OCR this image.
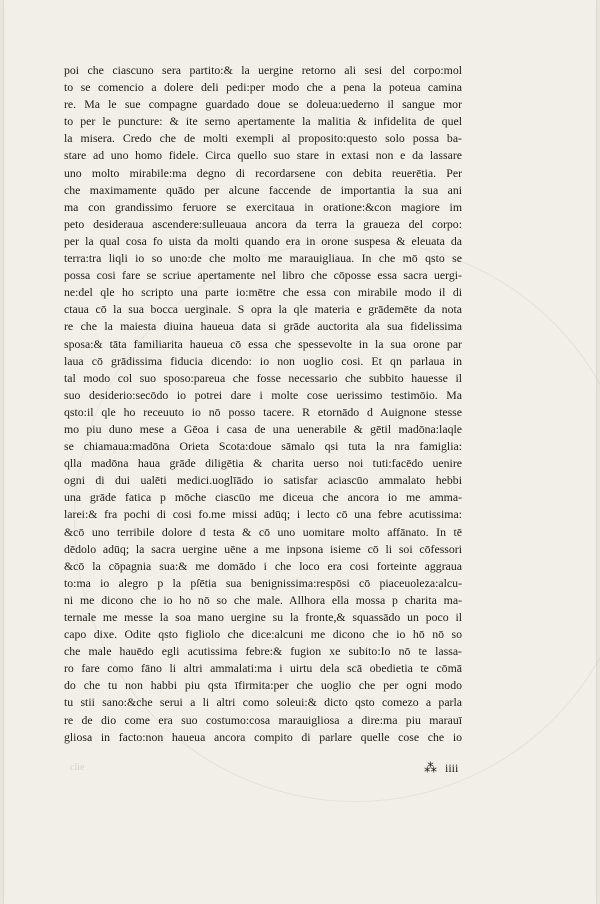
poi che ciascuno sera partito:& la uergine retorno ali sesi del corpo:mol
to se comencio a dolere deli pedi:per modo che a pena la poteua camina
re. Ma le sue compagne guardado doue se doleua:uederno il sangue mor
to per le puncture: & ite serno apertamente la malitia & infidelita de quel
la misera. Credo che de molti exempli al proposito:questo solo possa ba-
stare ad uno homo fidele. Circa quello suo stare in extasi non e da lassare
uno molto mirabile:ma degno di recordarsene con debita reuerētia. Per
che maximamente quādo per alcune faccende de importantia la sua ani
ma con grandissimo feruore se exercitaua in oratione:&con magiore im
peto desideraua ascendere:sulleuaua ancora da terra la graueza del corpo:
per la qual cosa fo uista da molti quando era in orone suspesa & eleuata da
terra:tra liqli io so uno:de che molto me marauigliaua. In che mō qsto se
possa cosi fare se scriue apertamente nel libro che cōposse essa sacra uergi-
ne:del qle ho scripto una parte io:mētre che essa con mirabile modo il di
ctaua cō la sua bocca uerginale. S opra la qle materia e grādemēte da nota
re che la maiesta diuina haueua data si grāde auctorita ala sua fidelissima
sposa:& tāta familiarita haueua cō essa che spessevolte in la sua orone par
laua cō grādissima fiducia dicendo: io non uoglio cosi. Et qn parlaua in
tal modo col suo sposo:pareua che fosse necessario che subbito hauesse il
suo desiderio:secōdo io potrei dare i molte cose uerissimo testimōio. Ma
qsto:il qle ho receuuto io nō posso tacere. R etornādo d Auignone stesse
mo piu duno mese a Gēoa i casa de una uenerabile & gētil madōna:laqle
se chiamaua:madōna Orieta Scota:doue sāmalo qsi tuta la nra famiglia:
qlla madōna haua grāde diligētia & charita uerso noi tuti:facēdo uenire
ogni di dui ualēti medici.uoglīādo io satisfar aciascūo ammalato hebbi
una grāde fatica p mōche ciascūo me diceua che ancora io me amma-
larei:& fra pochi di cosi fo.me missi adūq; i lecto cō una febre acutissima:
&cō uno terribile dolore d testa & cō uno uomitare molto affānato. In tē
dēdolo adūq; la sacra uergine uēne a me inpsona isieme cō li soi cōfessori
&cō la cōpagnia sua:& me domādo i che loco era cosi forteinte aggraua
to:ma io alegro p la pſētia sua benignissima:respōsi cō piaceuoleza:alcu-
ni me dicono che io ho nō so che male. Allhora ella mossa p charita ma-
ternale me messe la soa mano uergine su la fronte,& squassādo un poco il
capo dixe. Odite qsto figliolo che dice:alcuni me dicono che io hō nō so
che male hauēdo egli acutissima febre:& fugion xe subito:Io nō te lassa-
ro fare como fāno li altri ammalati:ma i uirtu dela scā obedietia te cōmā
do che tu non habbi piu qsta īfirmita:per che uoglio che per ogni modo
tu stii sano:&che serui a li altri como soleui:& dicto qsto comezo a parla
re de dio come era suo costumo:cosa marauigliosa a dire:ma piu marauī
gliosa in facto:non haueua ancora compito di parlare quelle cose che io
clie	⁂ iiii
